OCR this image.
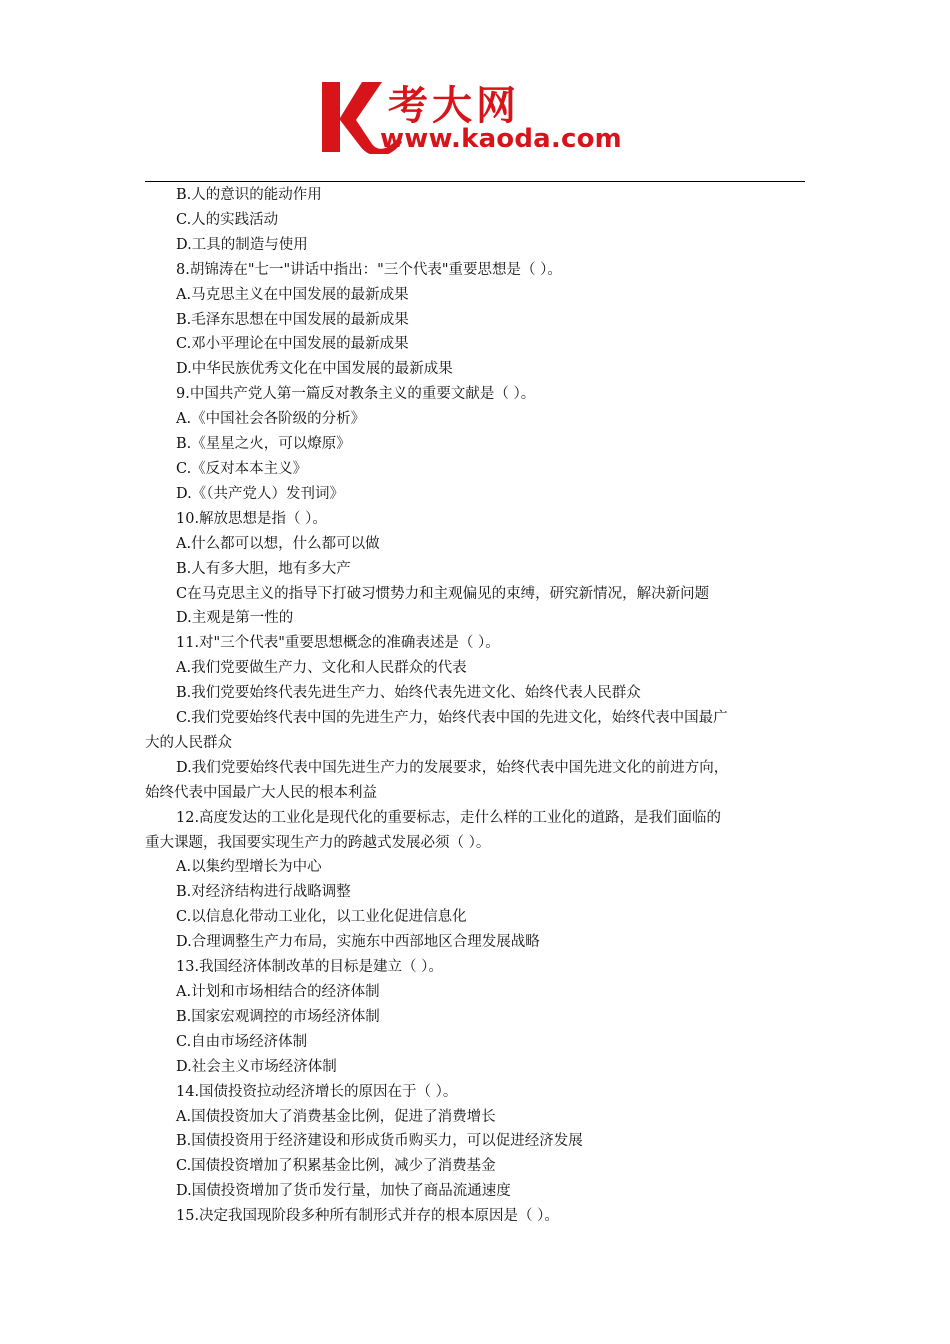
考大网
www.kaoda.com
B.人的意识的能动作用
C.人的实践活动
D.工具的制造与使用
8.胡锦涛在"七一"讲话中指出："三个代表"重要思想是（ ）。
A.马克思主义在中国发展的最新成果
B.毛泽东思想在中国发展的最新成果
C.邓小平理论在中国发展的最新成果
D.中华民族优秀文化在中国发展的最新成果
9.中国共产党人第一篇反对教条主义的重要文献是（ ）。
A.《中国社会各阶级的分析》
B.《星星之火，可以燎原》
C.《反对本本主义》
D.《（共产党人）发刊词》
10.解放思想是指（ ）。
A.什么都可以想，什么都可以做
B.人有多大胆，地有多大产
C在马克思主义的指导下打破习惯势力和主观偏见的束缚，研究新情况，解决新问题
D.主观是第一性的
11.对"三个代表"重要思想概念的准确表述是（ ）。
A.我们党要做生产力、文化和人民群众的代表
B.我们党要始终代表先进生产力、始终代表先进文化、始终代表人民群众
C.我们党要始终代表中国的先进生产力，始终代表中国的先进文化，始终代表中国最广
大的人民群众
D.我们党要始终代表中国先进生产力的发展要求，始终代表中国先进文化的前进方向，
始终代表中国最广大人民的根本利益
12.高度发达的工业化是现代化的重要标志，走什么样的工业化的道路，是我们面临的
重大课题，我国要实现生产力的跨越式发展必须（ ）。
A.以集约型增长为中心
B.对经济结构进行战略调整
C.以信息化带动工业化，以工业化促进信息化
D.合理调整生产力布局，实施东中西部地区合理发展战略
13.我国经济体制改革的目标是建立（ ）。
A.计划和市场相结合的经济体制
B.国家宏观调控的市场经济体制
C.自由市场经济体制
D.社会主义市场经济体制
14.国债投资拉动经济增长的原因在于（ ）。
A.国债投资加大了消费基金比例，促进了消费增长
B.国债投资用于经济建设和形成货币购买力，可以促进经济发展
C.国债投资增加了积累基金比例，减少了消费基金
D.国债投资增加了货币发行量，加快了商品流通速度
15.决定我国现阶段多种所有制形式并存的根本原因是（ ）。
